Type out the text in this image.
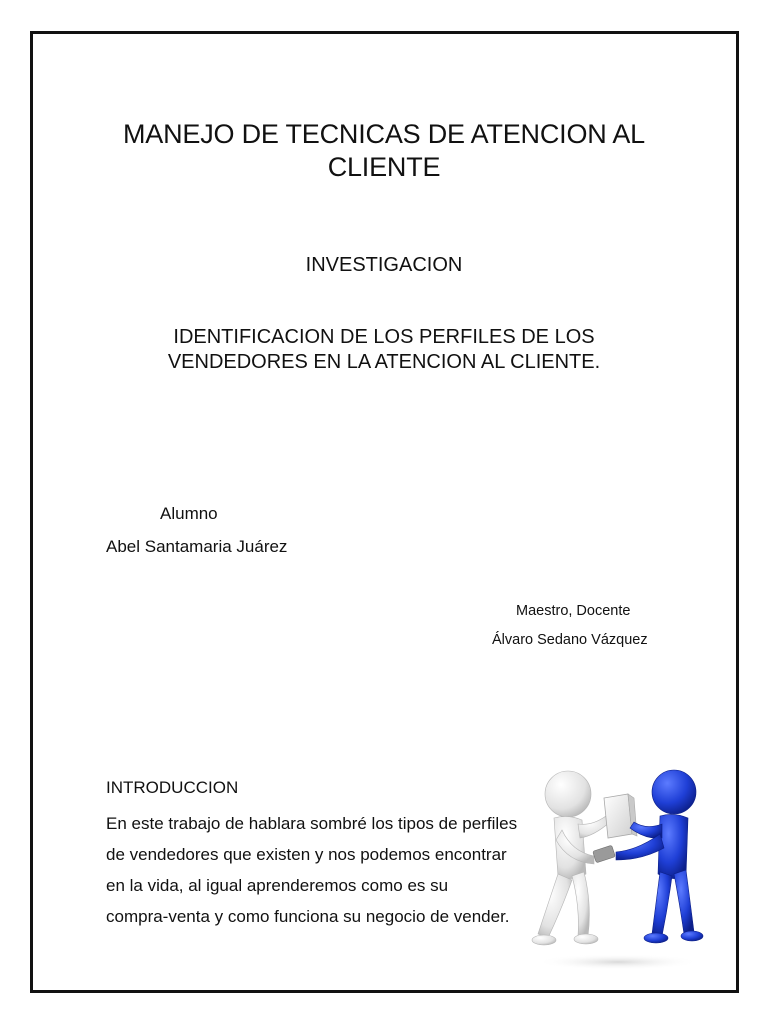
MANEJO DE TECNICAS DE ATENCION AL
CLIENTE
INVESTIGACION
IDENTIFICACION DE LOS PERFILES DE LOS
VENDEDORES EN LA ATENCION AL CLIENTE.
Alumno
Abel Santamaria Juárez
Maestro, Docente
Álvaro Sedano Vázquez
INTRODUCCION
En este trabajo de hablara sombré los tipos de perfiles
de vendedores que existen y nos podemos encontrar
en la vida, al igual aprenderemos como es su
compra-venta y como funciona su negocio de vender.
